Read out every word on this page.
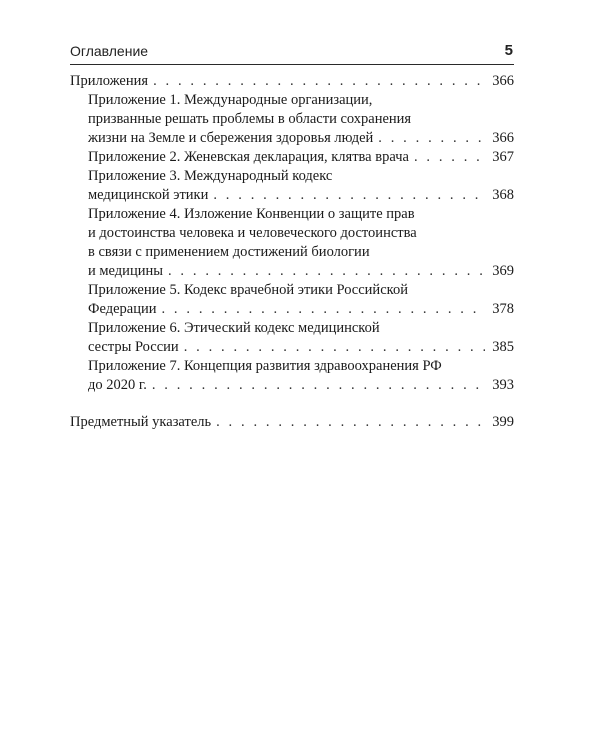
Оглавление	5
Приложения . . .	366
Приложение 1. Международные организации,
призванные решать проблемы в области сохранения
жизни на Земле и сбережения здоровья людей . . .	366
Приложение 2. Женевская декларация, клятва врача . . .	367
Приложение 3. Международный кодекс
медицинской этики . . .	368
Приложение 4. Изложение Конвенции о защите прав
и достоинства человека и человеческого достоинства
в связи с применением достижений биологии
и медицины . . .	369
Приложение 5. Кодекс врачебной этики Российской
Федерации . . .	378
Приложение 6. Этический кодекс медицинской
сестры России . . .	385
Приложение 7. Концепция развития здравоохранения РФ
до 2020 г. . . .	393
Предметный указатель . . .	399
